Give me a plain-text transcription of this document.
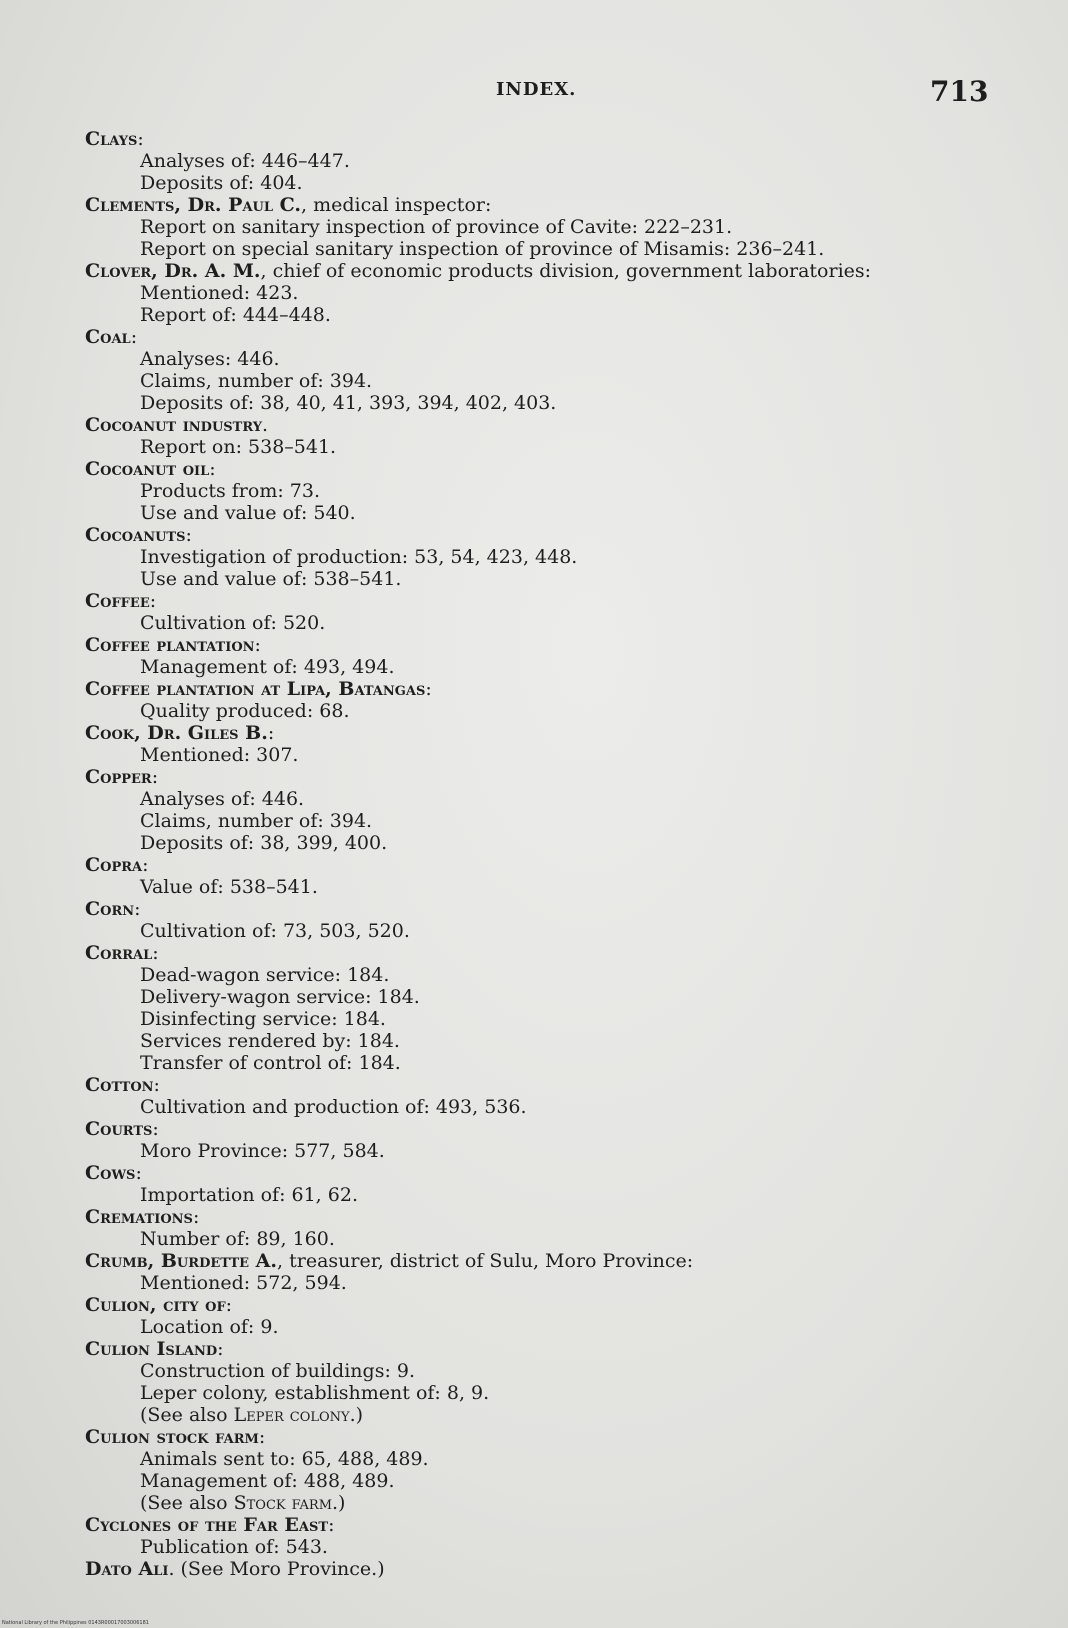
INDEX.	713
Clays:
Analyses of: 446–447.
Deposits of: 404.
Clements, Dr. Paul C., medical inspector:
Report on sanitary inspection of province of Cavite: 222–231.
Report on special sanitary inspection of province of Misamis: 236–241.
Clover, Dr. A. M., chief of economic products division, government laboratories:
Mentioned: 423.
Report of: 444–448.
Coal:
Analyses: 446.
Claims, number of: 394.
Deposits of: 38, 40, 41, 393, 394, 402, 403.
Cocoanut industry.
Report on: 538–541.
Cocoanut oil:
Products from: 73.
Use and value of: 540.
Cocoanuts:
Investigation of production: 53, 54, 423, 448.
Use and value of: 538–541.
Coffee:
Cultivation of: 520.
Coffee plantation:
Management of: 493, 494.
Coffee plantation at Lipa, Batangas:
Quality produced: 68.
Cook, Dr. Giles B.:
Mentioned: 307.
Copper:
Analyses of: 446.
Claims, number of: 394.
Deposits of: 38, 399, 400.
Copra:
Value of: 538–541.
Corn:
Cultivation of: 73, 503, 520.
Corral:
Dead-wagon service: 184.
Delivery-wagon service: 184.
Disinfecting service: 184.
Services rendered by: 184.
Transfer of control of: 184.
Cotton:
Cultivation and production of: 493, 536.
Courts:
Moro Province: 577, 584.
Cows:
Importation of: 61, 62.
Cremations:
Number of: 89, 160.
Crumb, Burdette A., treasurer, district of Sulu, Moro Province:
Mentioned: 572, 594.
Culion, city of:
Location of: 9.
Culion Island:
Construction of buildings: 9.
Leper colony, establishment of: 8, 9.
(See also Leper colony.)
Culion stock farm:
Animals sent to: 65, 488, 489.
Management of: 488, 489.
(See also Stock farm.)
Cyclones of the Far East:
Publication of: 543.
Dato Ali. (See Moro Province.)
National Library of the Philippines 0143R00017003006181
